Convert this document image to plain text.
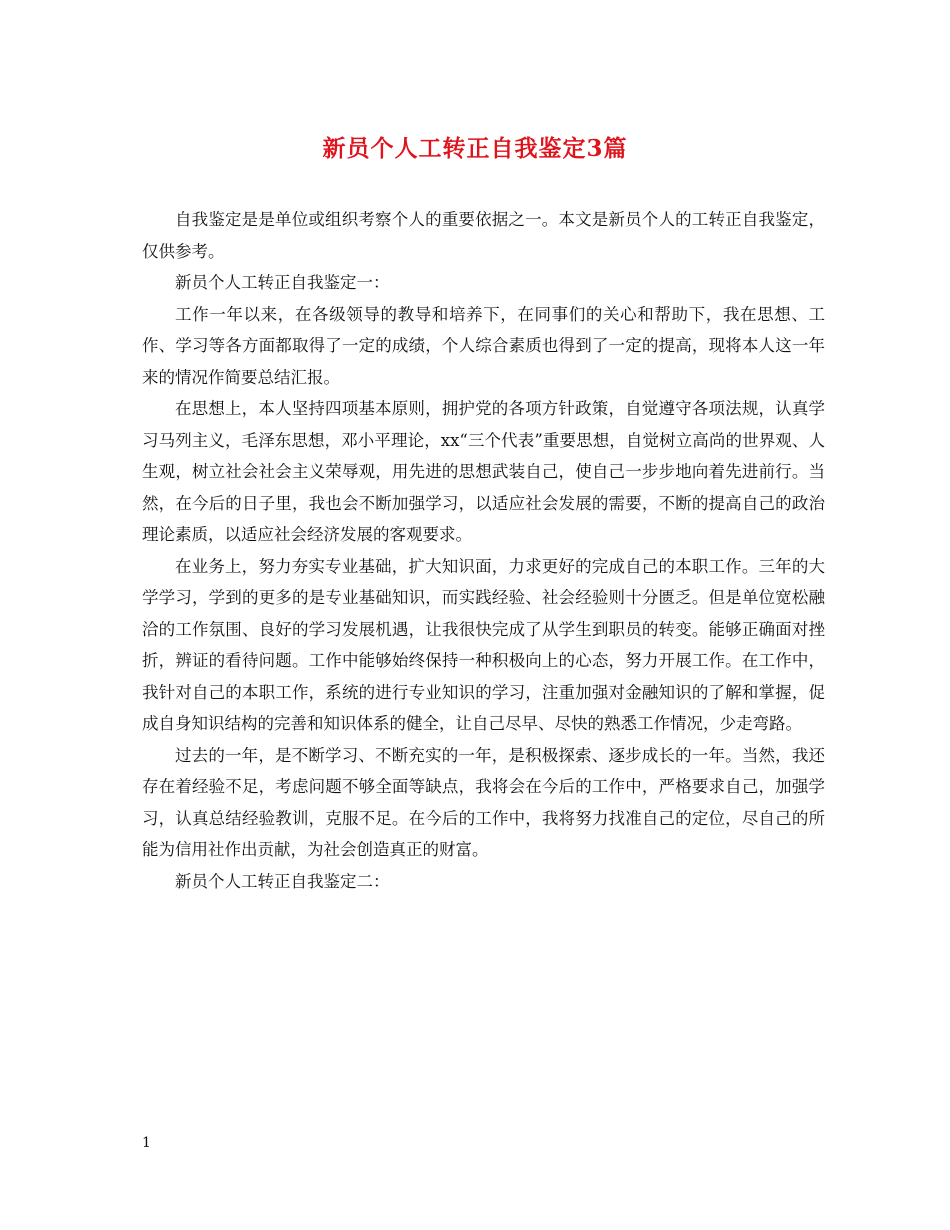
新员个人工转正自我鉴定3篇

自我鉴定是是单位或组织考察个人的重要依据之一。本文是新员个人的工转正自我鉴定，仅供参考。

新员个人工转正自我鉴定一：

工作一年以来，在各级领导的教导和培养下，在同事们的关心和帮助下，我在思想、工作、学习等各方面都取得了一定的成绩，个人综合素质也得到了一定的提高，现将本人这一年来的情况作简要总结汇报。

在思想上，本人坚持四项基本原则，拥护党的各项方针政策，自觉遵守各项法规，认真学习马列主义，毛泽东思想，邓小平理论，xx“三个代表”重要思想，自觉树立高尚的世界观、人生观，树立社会社会主义荣辱观，用先进的思想武装自己，使自己一步步地向着先进前行。当然，在今后的日子里，我也会不断加强学习，以适应社会发展的需要，不断的提高自己的政治理论素质，以适应社会经济发展的客观要求。

在业务上，努力夯实专业基础，扩大知识面，力求更好的完成自己的本职工作。三年的大学学习，学到的更多的是专业基础知识，而实践经验、社会经验则十分匮乏。但是单位宽松融洽的工作氛围、良好的学习发展机遇，让我很快完成了从学生到职员的转变。能够正确面对挫折，辨证的看待问题。工作中能够始终保持一种积极向上的心态，努力开展工作。在工作中，我针对自己的本职工作，系统的进行专业知识的学习，注重加强对金融知识的了解和掌握，促成自身知识结构的完善和知识体系的健全，让自己尽早、尽快的熟悉工作情况，少走弯路。

过去的一年，是不断学习、不断充实的一年，是积极探索、逐步成长的一年。当然，我还存在着经验不足，考虑问题不够全面等缺点，我将会在今后的工作中，严格要求自己，加强学习，认真总结经验教训，克服不足。在今后的工作中，我将努力找准自己的定位，尽自己的所能为信用社作出贡献，为社会创造真正的财富。

新员个人工转正自我鉴定二：

1
